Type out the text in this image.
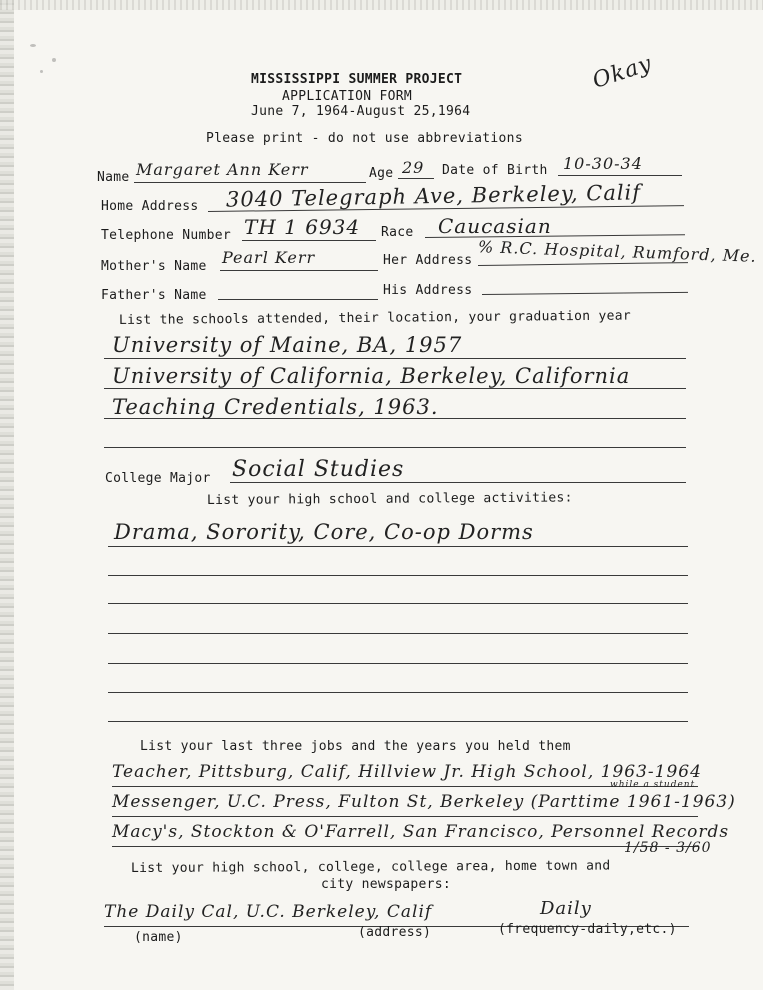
MISSISSIPPI SUMMER PROJECT
APPLICATION FORM
June 7, 1964-August 25,1964
Okay
Please print - do not use abbreviations
Name Margaret Ann Kerr	Age 29 Date of Birth 10-30-34
Home Address 3040 Telegraph Ave, Berkeley, Calif
Telephone Number TH 1 6934 Race Caucasian
Mother's Name Pearl Kerr	Her Address % R.C. Hospital, Rumford, Me.
Father's Name	His Address
List the schools attended, their location, your graduation year
University of Maine, BA, 1957
University of California, Berkeley, California
Teaching Credentials, 1963.
College Major Social Studies
List your high school and college activities:
Drama, Sorority, Core, Co-op Dorms
List your last three jobs and the years you held them
Teacher, Pittsburg, Calif, Hillview Jr. High School, 1963-1964
while a student
Messenger, U.C. Press, Fulton St, Berkeley (Parttime 1961-1963)
Macy's, Stockton & O'Farrell, San Francisco, Personnel Records
1/58 - 3/60
List your high school, college, college area, home town and
city newspapers:
The Daily Cal, U.C. Berkeley, Calif	Daily
(name)	(address)	(frequency-daily,etc.)
